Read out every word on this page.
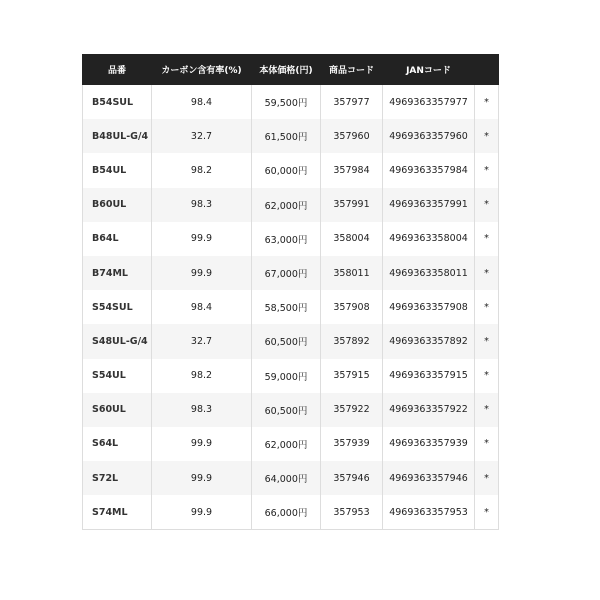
品番	カーボン含有率(%)	本体価格(円)	商品コード	JANコード	
B54SUL	98.4	59,500円	357977	4969363357977	*
B48UL-G/4	32.7	61,500円	357960	4969363357960	*
B54UL	98.2	60,000円	357984	4969363357984	*
B60UL	98.3	62,000円	357991	4969363357991	*
B64L	99.9	63,000円	358004	4969363358004	*
B74ML	99.9	67,000円	358011	4969363358011	*
S54SUL	98.4	58,500円	357908	4969363357908	*
S48UL-G/4	32.7	60,500円	357892	4969363357892	*
S54UL	98.2	59,000円	357915	4969363357915	*
S60UL	98.3	60,500円	357922	4969363357922	*
S64L	99.9	62,000円	357939	4969363357939	*
S72L	99.9	64,000円	357946	4969363357946	*
S74ML	99.9	66,000円	357953	4969363357953	*
